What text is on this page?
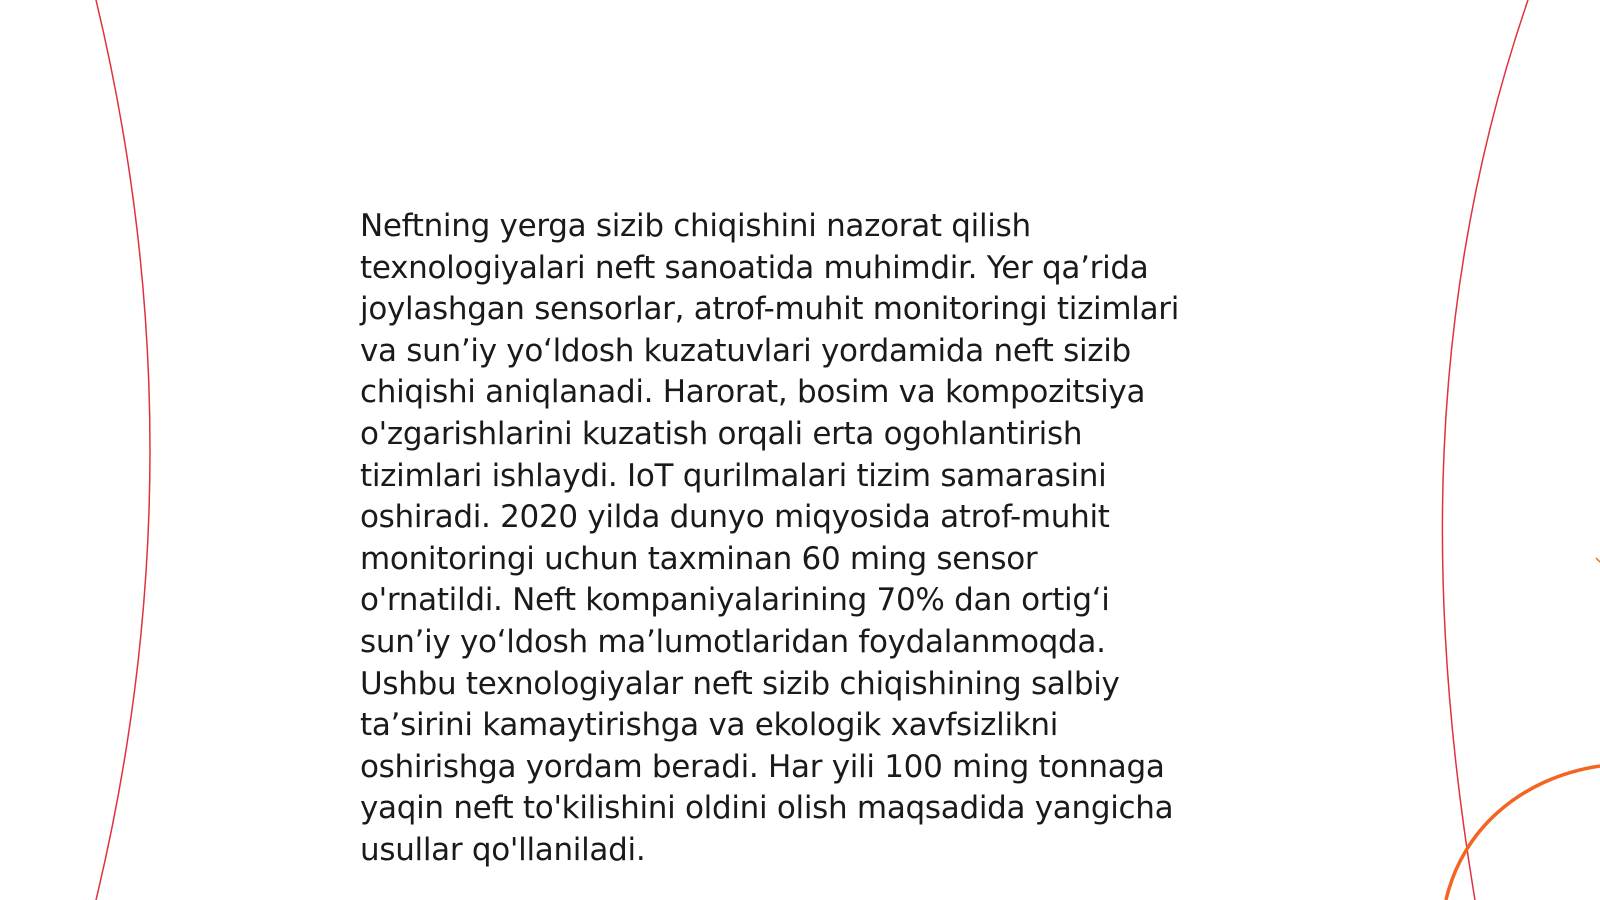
Neftning yerga sizib chiqishini nazorat qilish
texnologiyalari neft sanoatida muhimdir. Yer qa’rida
joylashgan sensorlar, atrof-muhit monitoringi tizimlari
va sun’iy yo‘ldosh kuzatuvlari yordamida neft sizib
chiqishi aniqlanadi. Harorat, bosim va kompozitsiya
o'zgarishlarini kuzatish orqali erta ogohlantirish
tizimlari ishlaydi. IoT qurilmalari tizim samarasini
oshiradi. 2020 yilda dunyo miqyosida atrof-muhit
monitoringi uchun taxminan 60 ming sensor
o'rnatildi. Neft kompaniyalarining 70% dan ortig‘i
sun’iy yo‘ldosh ma’lumotlaridan foydalanmoqda.
Ushbu texnologiyalar neft sizib chiqishining salbiy
ta’sirini kamaytirishga va ekologik xavfsizlikni
oshirishga yordam beradi. Har yili 100 ming tonnaga
yaqin neft to'kilishini oldini olish maqsadida yangicha
usullar qo'llaniladi.
